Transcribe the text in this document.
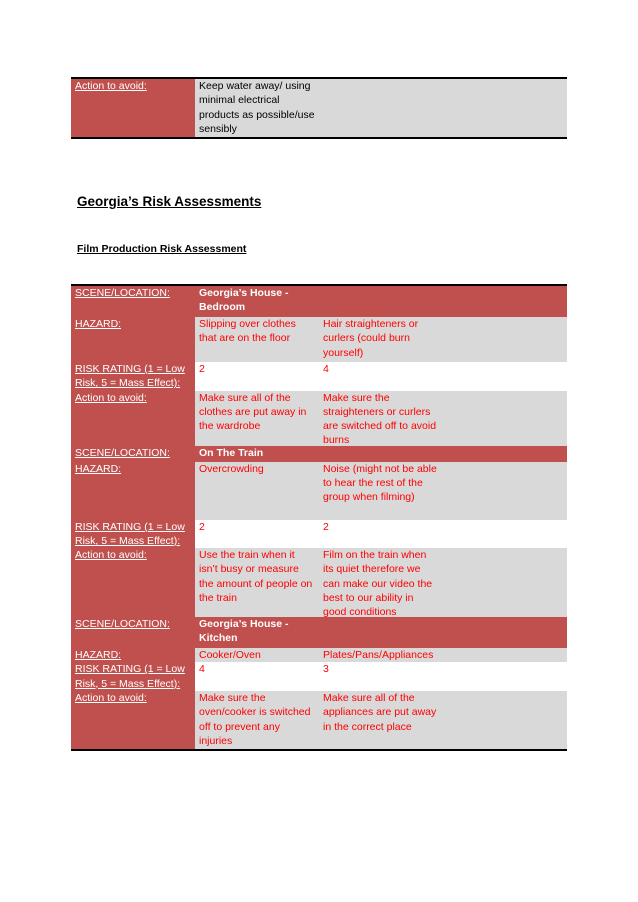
Action to avoid:	Keep water away/ using minimal electrical products as possible/use sensibly		
Georgia’s Risk Assessments
Film Production Risk Assessment
SCENE/LOCATION:	Georgia’s House - Bedroom		
HAZARD:	Slipping over clothes that are on the floor	Hair straighteners or curlers (could burn yourself)	
RISK RATING (1 = Low Risk, 5 = Mass Effect):	2	4	
Action to avoid:	Make sure all of the clothes are put away in the wardrobe	Make sure the straighteners or curlers are switched off to avoid burns	

SCENE/LOCATION:	On The Train		
HAZARD:	Overcrowding	Noise (might not be able to hear the rest of the group when filming)	
RISK RATING (1 = Low Risk, 5 = Mass Effect):	2	2	
Action to avoid:	Use the train when it isn’t busy or measure the amount of people on the train	Film on the train when its quiet therefore we can make our video the best to our ability in good conditions	

SCENE/LOCATION:	Georgia’s House - Kitchen		
HAZARD:	Cooker/Oven	Plates/Pans/Appliances	
RISK RATING (1 = Low Risk, 5 = Mass Effect):	4	3	
Action to avoid:	Make sure the oven/cooker is switched off to prevent any injuries	Make sure all of the appliances are put away in the correct place	
